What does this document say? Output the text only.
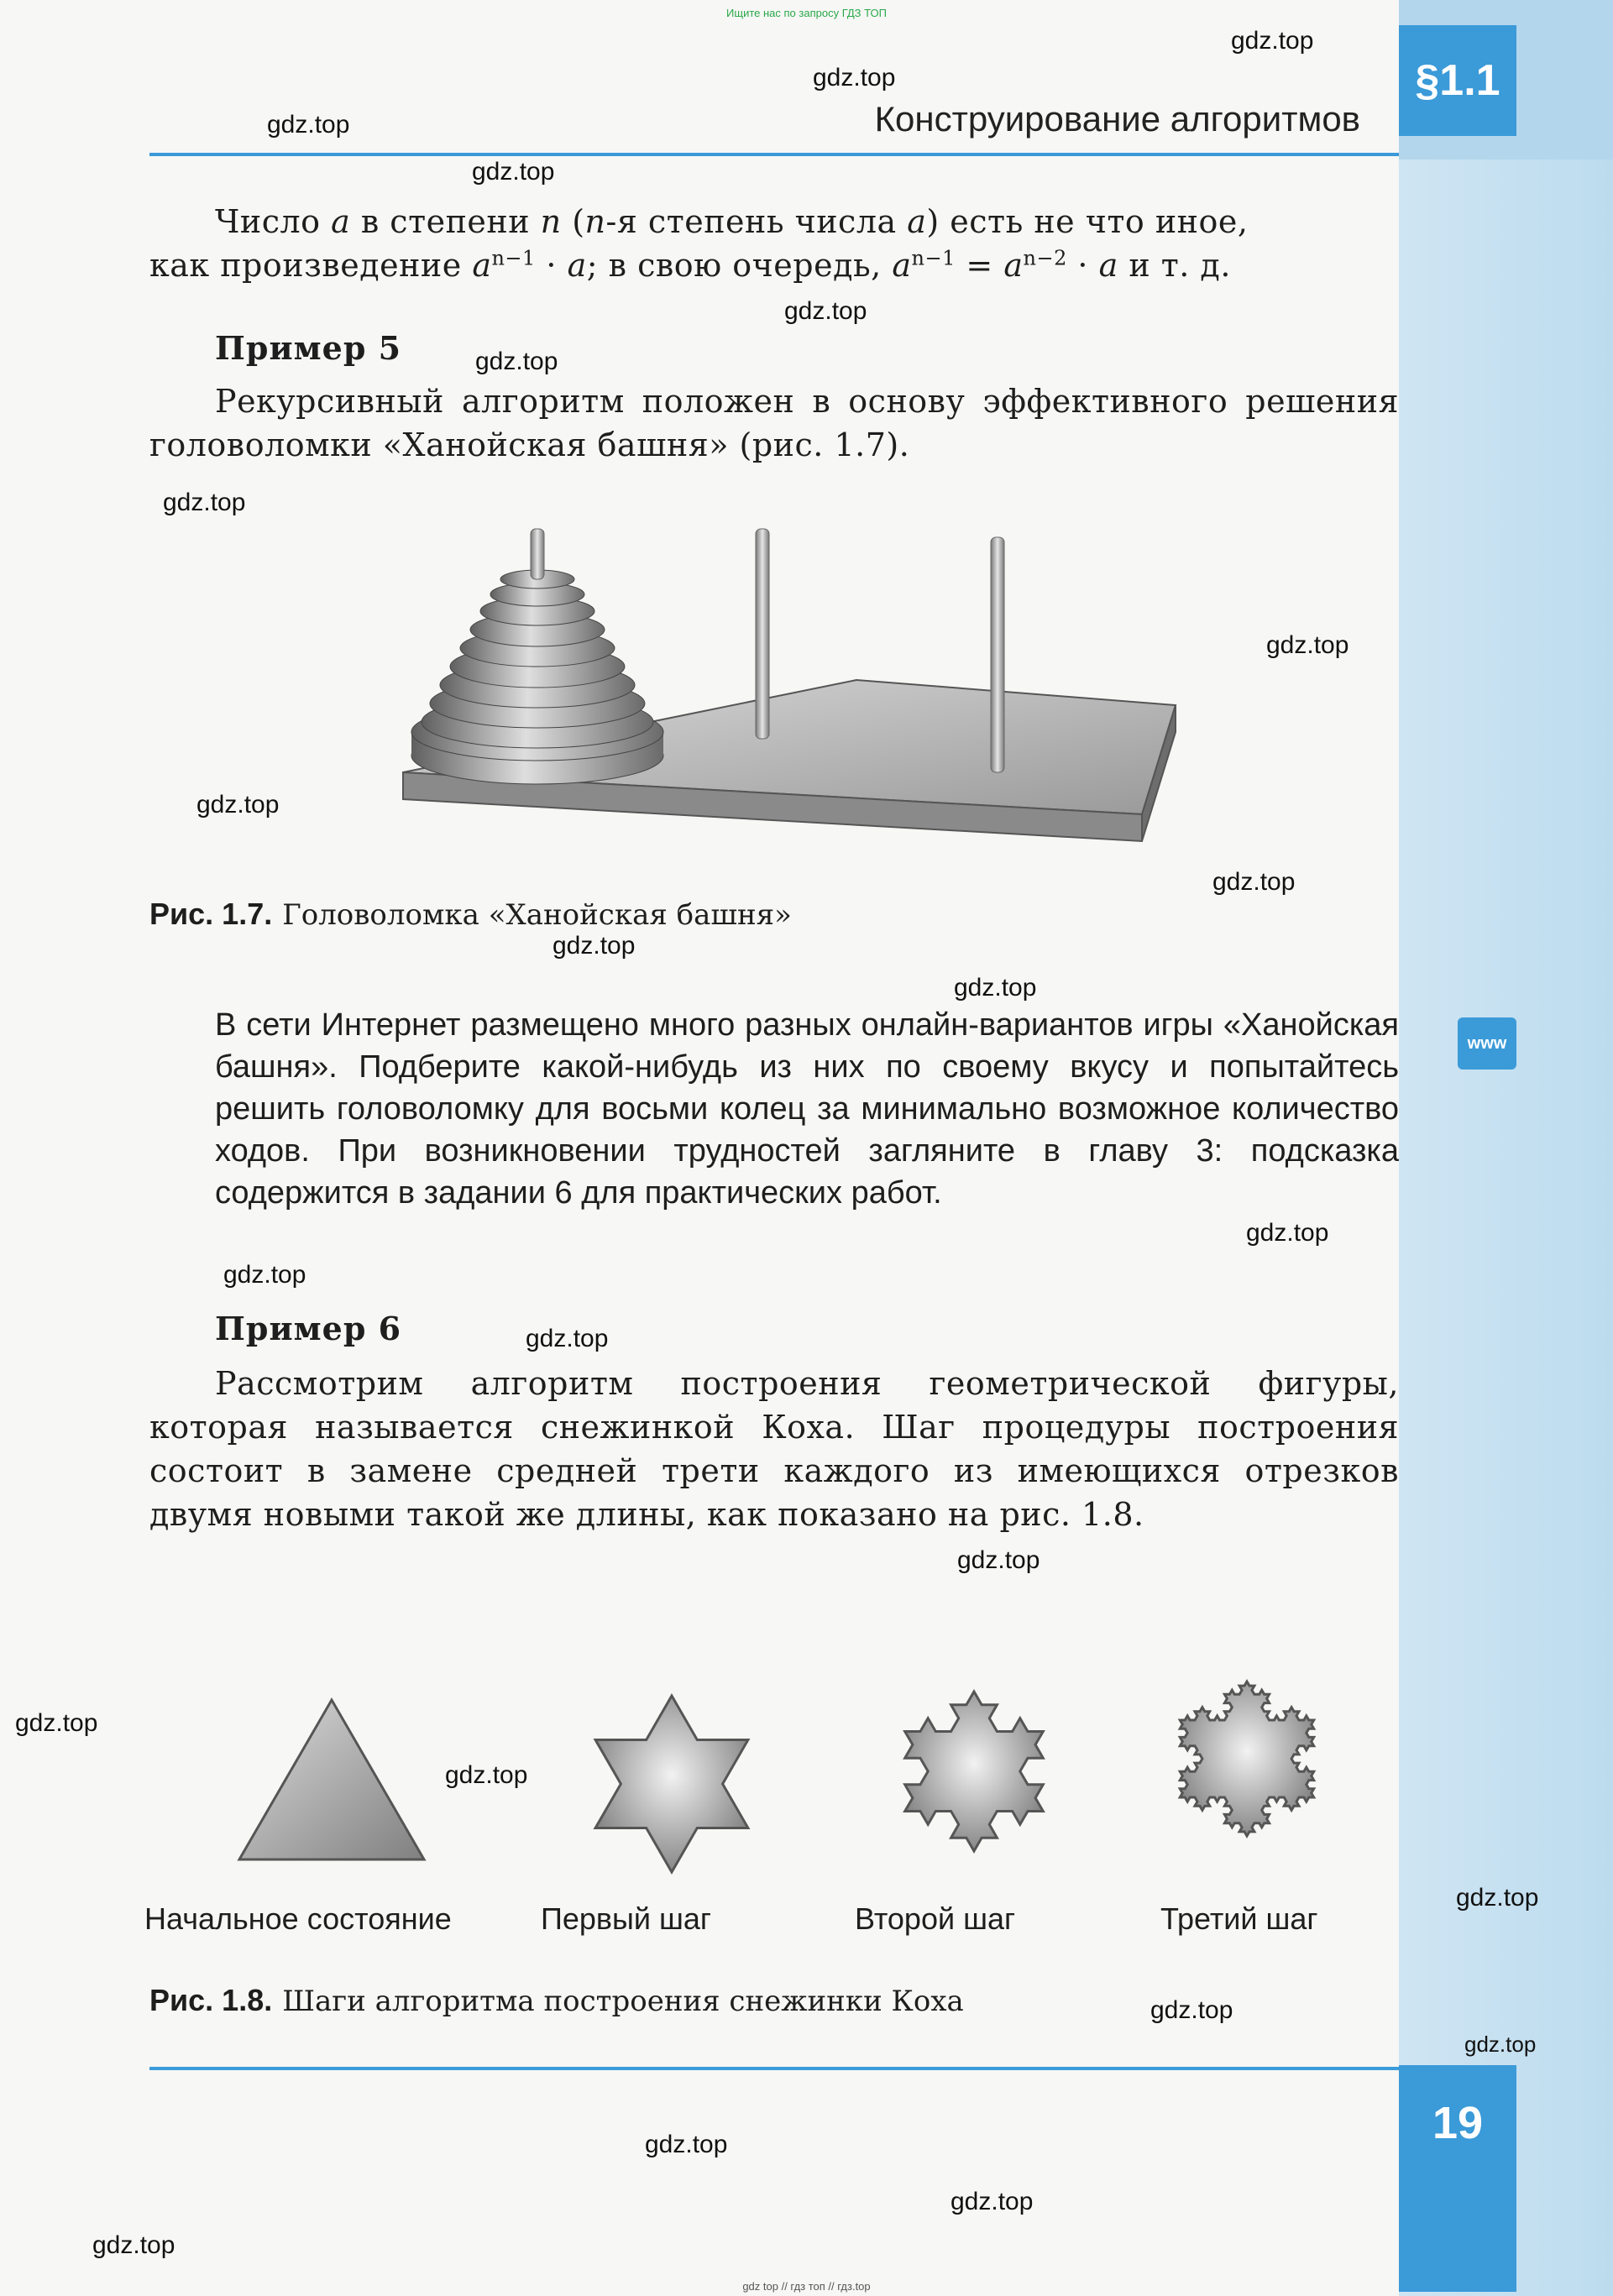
Ищите нас по запросу ГДЗ ТОП
Конструирование алгоритмов
§1.1
Число a в степени n (n-я степень числа a) есть не что иное,
как произведение $a^{n-1} \cdot a$; в свою очередь, $a^{n-1} = a^{n-2} \cdot a$ и т. д.
Пример 5
Рекурсивный алгоритм положен в основу эффективного решения головоломки «Ханойская башня» (рис. 1.7).
Рис. 1.7. Головоломка «Ханойская башня»
В сети Интернет размещено много разных онлайн-вариантов игры «Ханойская башня». Подберите какой-нибудь из них по своему вкусу и попытайтесь решить головоломку для восьми колец за минимально возможное количество ходов. При возникновении трудностей загляните в главу 3: подсказка содержится в задании 6 для практических работ.
www
Пример 6
Рассмотрим алгоритм построения геометрической фигуры, которая называется снежинкой Коха. Шаг процедуры построения состоит в замене средней трети каждого из имеющихся отрезков двумя новыми такой же длины, как показано на рис. 1.8.
Начальное состояние	Первый шаг	Второй шаг	Третий шаг
Рис. 1.8. Шаги алгоритма построения снежинки Коха
19
gdz top // гдз топ // гдз.top
gdz.top
gdz.top
gdz.top
gdz.top
gdz.top
gdz.top
gdz.top
gdz.top
gdz.top
gdz.top
gdz.top
gdz.top
gdz.top
gdz.top
gdz.top
gdz.top
gdz.top
gdz.top
gdz.top
gdz.top
gdz.top
gdz.top
gdz.top
gdz.top
